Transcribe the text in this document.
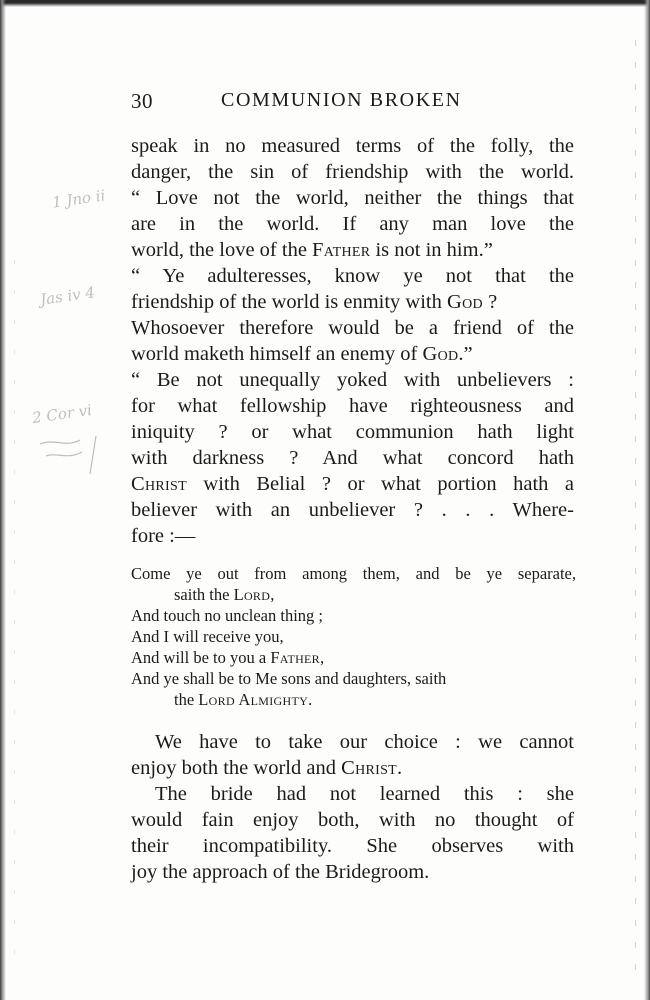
30	COMMUNION BROKEN
speak in no measured terms of the folly, the
danger, the sin of friendship with the world.
“ Love not the world, neither the things that
are in the world. If any man love the
world, the love of the Father is not in him.”
“ Ye adulteresses, know ye not that the
friendship of the world is enmity with God ?
Whosoever therefore would be a friend of the
world maketh himself an enemy of God.”
“ Be not unequally yoked with unbelievers :
for what fellowship have righteousness and
iniquity ? or what communion hath light
with darkness ? And what concord hath
Christ with Belial ? or what portion hath a
believer with an unbeliever ? . . . Where-
fore :—
Come ye out from among them, and be ye separate,
saith the Lord,
And touch no unclean thing ;
And I will receive you,
And will be to you a Father,
And ye shall be to Me sons and daughters, saith
the Lord Almighty.
We have to take our choice : we cannot
enjoy both the world and Christ.
The bride had not learned this : she
would fain enjoy both, with no thought of
their incompatibility. She observes with
joy the approach of the Bridegroom.
1 Jno ii
Jas iv 4
2 Cor vi
